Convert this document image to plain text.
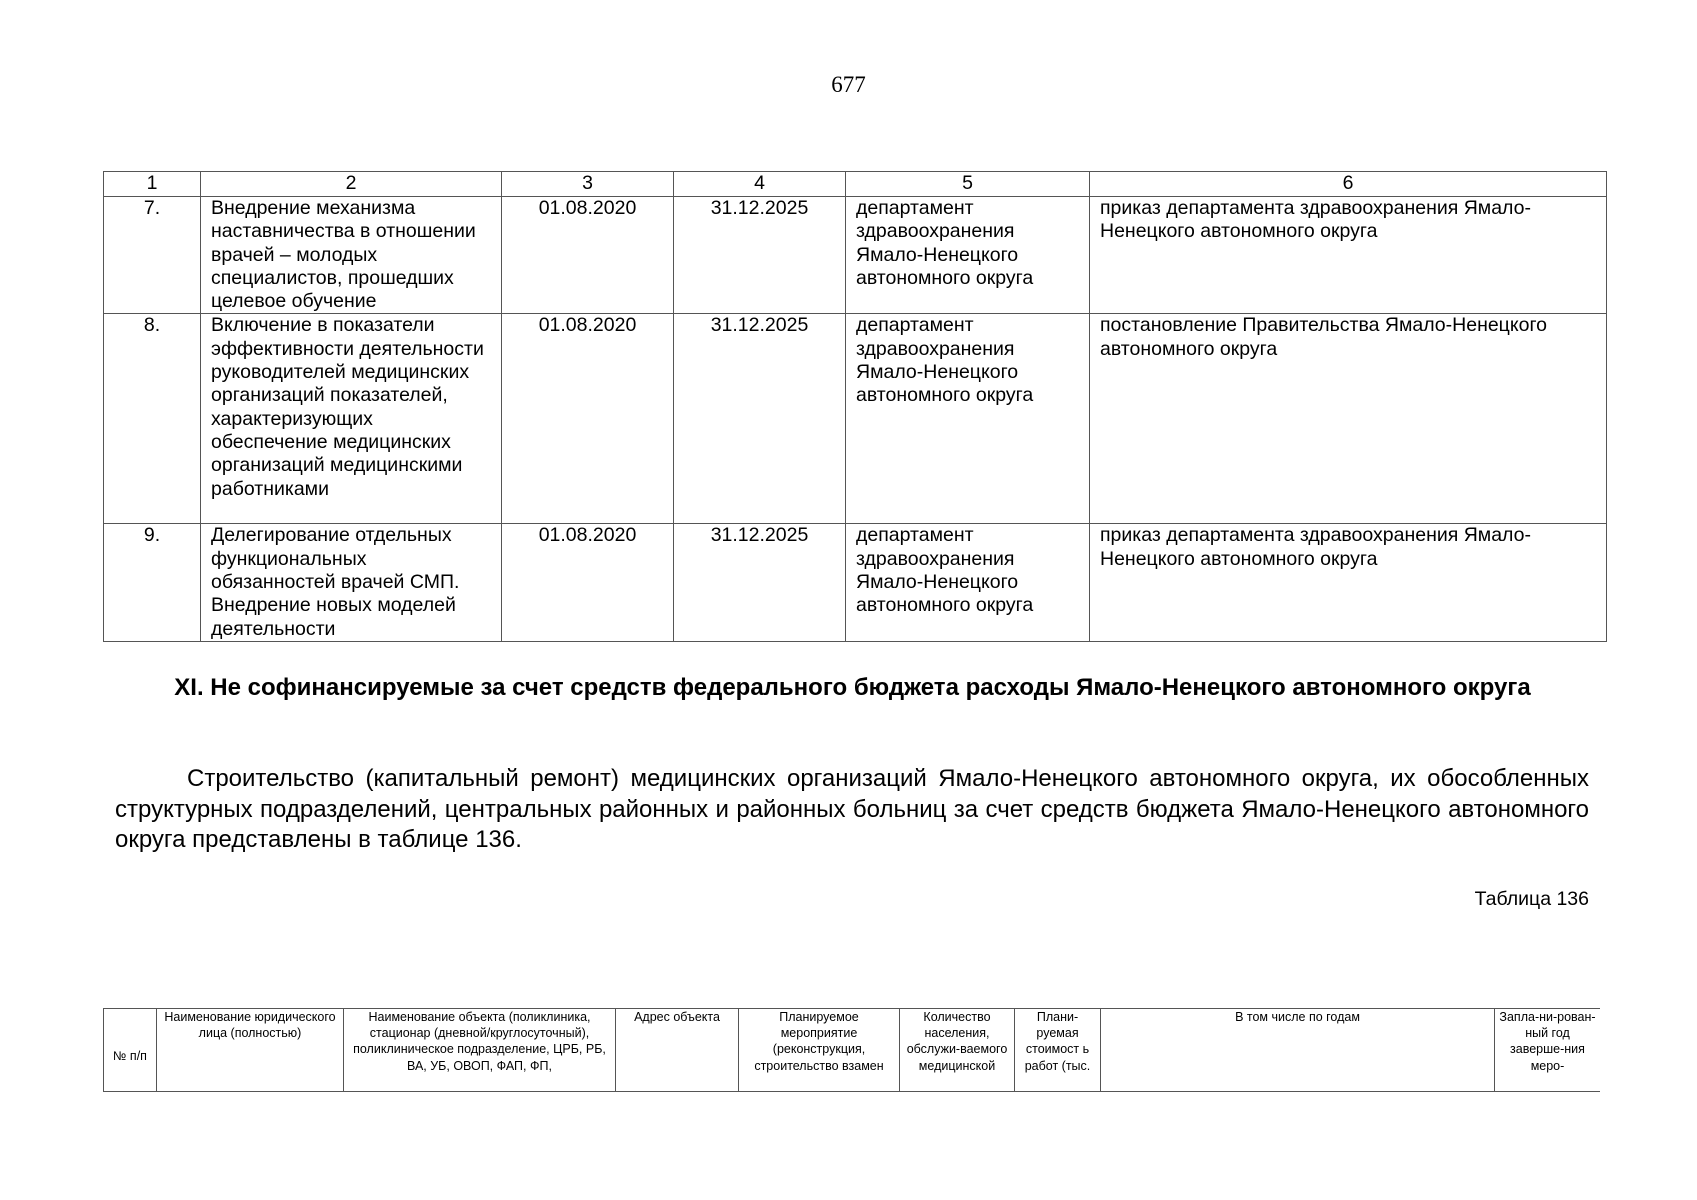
677
1	2	3	4	5	6
7.	Внедрение механизма наставничества в отношении врачей – молодых специалистов, прошедших целевое обучение	01.08.2020	31.12.2025	департамент здравоохранения Ямало-Ненецкого автономного округа	приказ департамента здравоохранения Ямало-Ненецкого автономного округа
8.	Включение в показатели эффективности деятельности руководителей медицинских организаций показателей, характеризующих обеспечение медицинских организаций медицинскими работниками	01.08.2020	31.12.2025	департамент здравоохранения Ямало-Ненецкого автономного округа	постановление Правительства Ямало-Ненецкого автономного округа
9.	Делегирование отдельных функциональных обязанностей врачей СМП. Внедрение новых моделей деятельности	01.08.2020	31.12.2025	департамент здравоохранения Ямало-Ненецкого автономного округа	приказ департамента здравоохранения Ямало-Ненецкого автономного округа
XI. Не софинансируемые за счет средств федерального бюджета расходы Ямало-Ненецкого автономного округа
Строительство (капитальный ремонт) медицинских организаций Ямало-Ненецкого автономного округа, их обособленных структурных подразделений, центральных районных и районных больниц за счет средств бюджета Ямало-Ненецкого автономного округа представлены в таблице 136.
Таблица 136
№ п/п	Наименование юридического лица (полностью)	Наименование объекта (поликлиника, стационар (дневной/круглосуточный), поликлиническое подразделение, ЦРБ, РБ, ВА, УБ, ОВОП, ФАП, ФП,	Адрес объекта	Планируемое мероприятие (реконструкция, строительство взамен	Количество населения, обслужи-ваемого медицинской	Плани-руемая стоимост ь работ (тыс.	В том числе по годам	Запла-ни-рован-ный год заверше-ния меро-
